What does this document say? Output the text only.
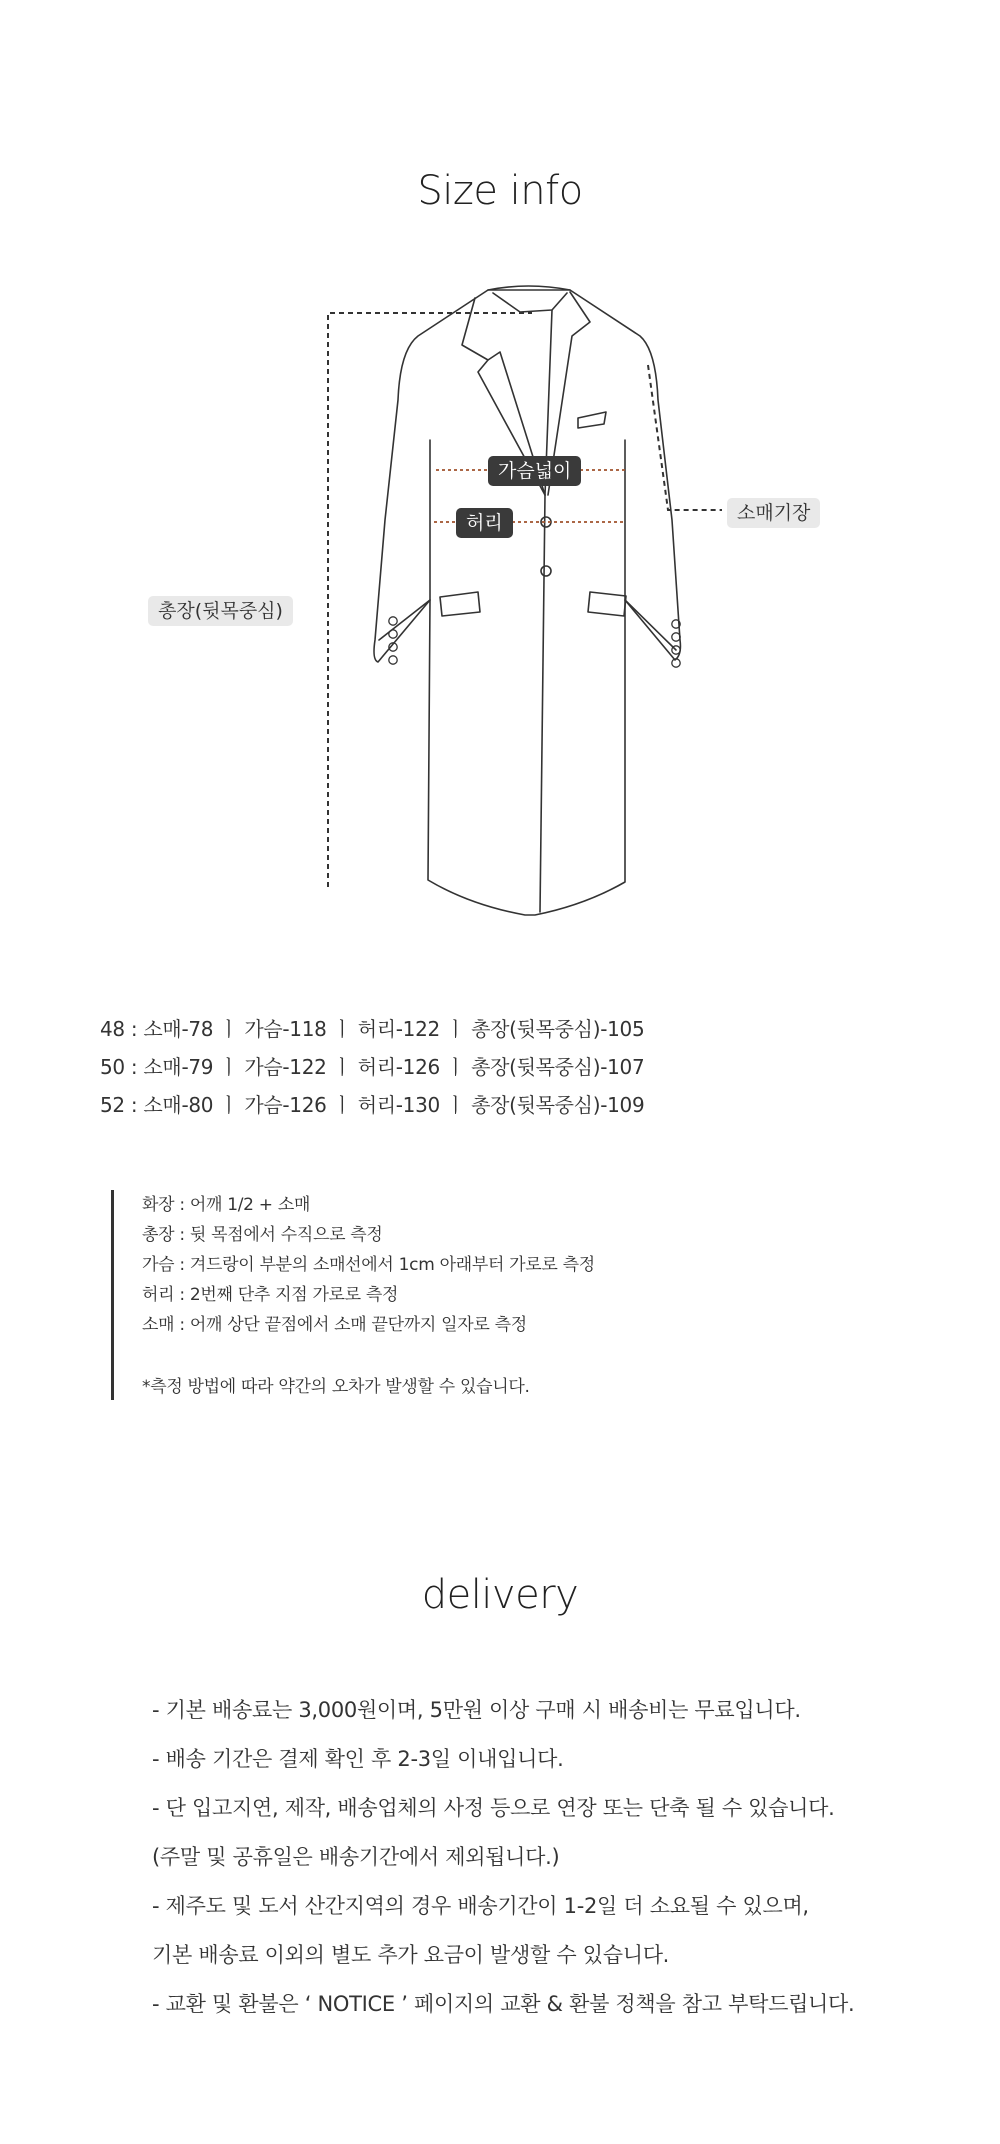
Size info
가슴넓이
허리	소매기장
총장(뒷목중심)
48 : 소매-78 ㅣ 가슴-118 ㅣ 허리-122 ㅣ 총장(뒷목중심)-105
50 : 소매-79 ㅣ 가슴-122 ㅣ 허리-126 ㅣ 총장(뒷목중심)-107
52 : 소매-80 ㅣ 가슴-126 ㅣ 허리-130 ㅣ 총장(뒷목중심)-109
화장 : 어깨 1/2 + 소매
총장 : 뒷 목점에서 수직으로 측정
가슴 : 겨드랑이 부분의 소매선에서 1cm 아래부터 가로로 측정
허리 : 2번째 단추 지점 가로로 측정
소매 : 어깨 상단 끝점에서 소매 끝단까지 일자로 측정
*측정 방법에 따라 약간의 오차가 발생할 수 있습니다.
delivery
- 기본 배송료는 3,000원이며, 5만원 이상 구매 시 배송비는 무료입니다.
- 배송 기간은 결제 확인 후 2-3일 이내입니다.
- 단 입고지연, 제작, 배송업체의 사정 등으로 연장 또는 단축 될 수 있습니다.
(주말 및 공휴일은 배송기간에서 제외됩니다.)
- 제주도 및 도서 산간지역의 경우 배송기간이 1-2일 더 소요될 수 있으며,
기본 배송료 이외의 별도 추가 요금이 발생할 수 있습니다.
- 교환 및 환불은 ‘ NOTICE ’ 페이지의 교환 & 환불 정책을 참고 부탁드립니다.
